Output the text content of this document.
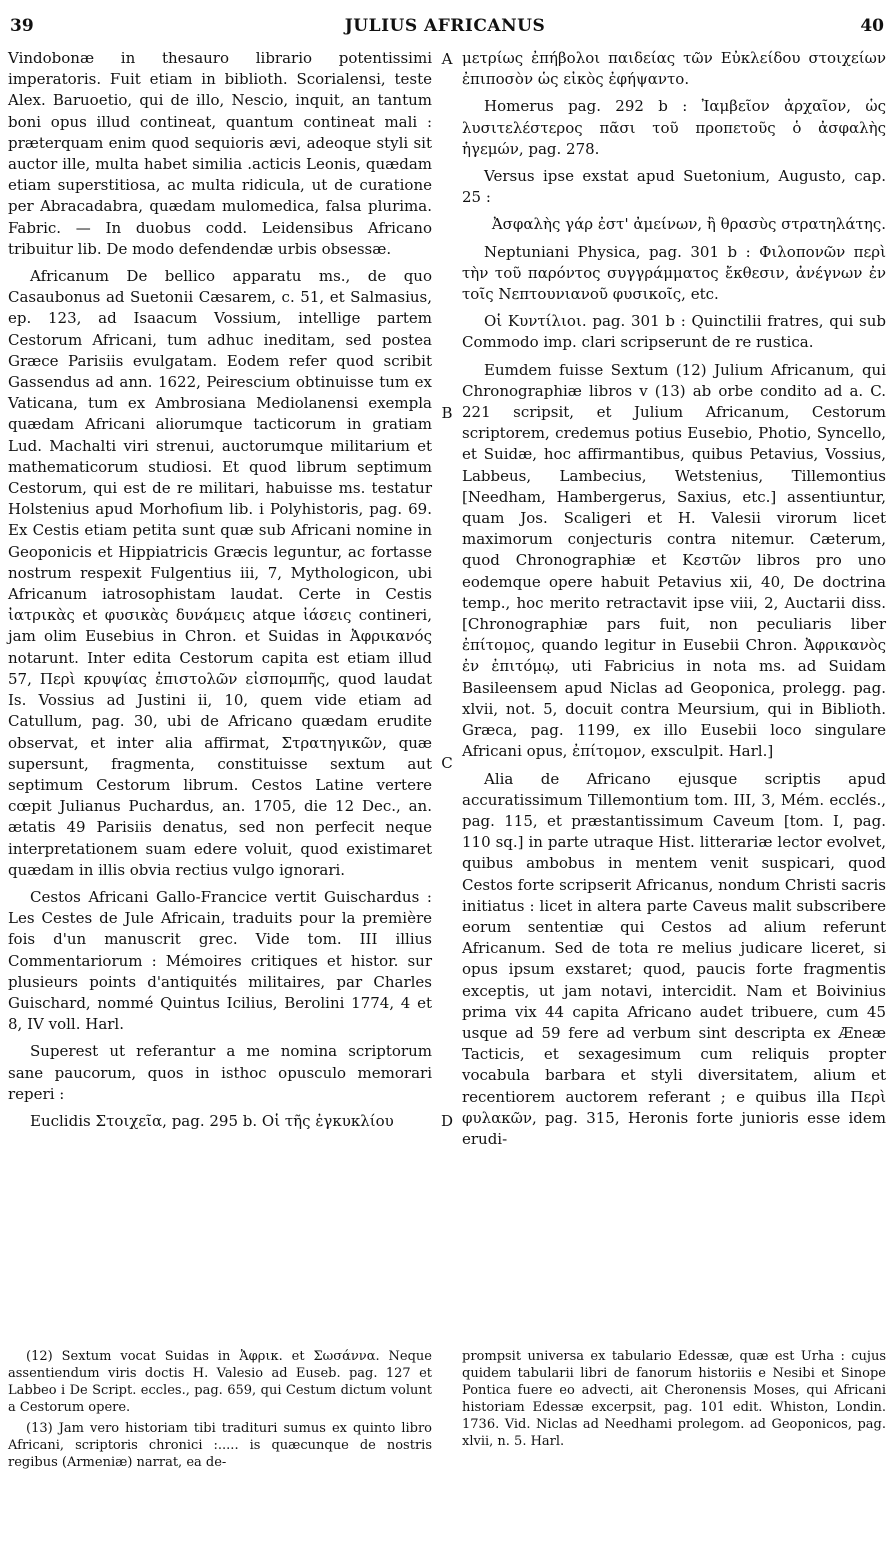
39	JULIUS AFRICANUS	40

Vindobonæ in thesauro librario potentissimi imperatoris. Fuit etiam in biblioth. Scorialensi, teste Alex. Baruoetio, qui de illo, Nescio, inquit, an tantum boni opus illud contineat, quantum contineat mali : præterquam enim quod sequioris ævi, adeoque styli sit auctor ille, multa habet similia .acticis Leonis, quædam etiam superstitiosa, ac multa ridicula, ut de curatione per Abracadabra, quædam mulomedica, falsa plurima. Fabric. — In duobus codd. Leidensibus Africano tribuitur lib. De modo defendendæ urbis obsessæ.

Africanum De bellico apparatu ms., de quo Casaubonus ad Suetonii Cæsarem, c. 51, et Salmasius, ep. 123, ad Isaacum Vossium, intellige partem Cestorum Africani, tum adhuc ineditam, sed postea Græce Parisiis evulgatam. Eodem refer quod scribit Gassendus ad ann. 1622, Peirescium obtinuisse tum ex Vaticana, tum ex Ambrosiana Mediolanensi exempla quædam Africani aliorumque tacticorum in gratiam Lud. Machalti viri strenui, auctorumque militarium et mathematicorum studiosi. Et quod librum septimum Cestorum, qui est de re militari, habuisse ms. testatur Holstenius apud Morhofium lib. i Polyhistoris, pag. 69. Ex Cestis etiam petita sunt quæ sub Africani nomine in Geoponicis et Hippiatricis Græcis leguntur, ac fortasse nostrum respexit Fulgentius iii, 7, Mythologicon, ubi Africanum iatrosophistam laudat. Certe in Cestis ἰατρικὰς et φυσικὰς δυνάμεις atque ἰάσεις contineri, jam olim Eusebius in Chron. et Suidas in Ἀφρικανός notarunt. Inter edita Cestorum capita est etiam illud 57, Περὶ κρυψίας ἐπιστολῶν εἰσπομπῆς, quod laudat Is. Vossius ad Justini ii, 10, quem vide etiam ad Catullum, pag. 30, ubi de Africano quædam erudite observat, et inter alia affirmat, Στρατηγικῶν, quæ supersunt, fragmenta, constituisse sextum aut septimum Cestorum librum. Cestos Latine vertere cœpit Julianus Puchardus, an. 1705, die 12 Dec., an. ætatis 49 Parisiis denatus, sed non perfecit neque interpretationem suam edere voluit, quod existimaret quædam in illis obvia rectius vulgo ignorari.

Cestos Africani Gallo-Francice vertit Guischardus : Les Cestes de Jule Africain, traduits pour la première fois d'un manuscrit grec. Vide tom. III illius Commentariorum : Mémoires critiques et histor. sur plusieurs points d'antiquités militaires, par Charles Guischard, nommé Quintus Icilius, Berolini 1774, 4 et 8, IV voll. Harl.

Superest ut referantur a me nomina scriptorum sane paucorum, quos in isthoc opusculo memorari reperi :

Euclidis Στοιχεῖα, pag. 295 b. Οἱ τῆς ἐγκυκλίου

A
B
C
D

μετρίως ἐπήβολοι παιδείας τῶν Εὐκλείδου στοιχείων ἐπιποσὸν ὡς εἰκὸς ἐφήψαντο.

Homerus pag. 292 b : Ἰαμβεῖον ἀρχαῖον, ὡς λυσιτελέστερος πᾶσι τοῦ προπετοῦς ὁ ἀσφαλὴς ἡγεμών, pag. 278.

Versus ipse exstat apud Suetonium, Augusto, cap. 25 :

Ἀσφαλὴς γάρ ἐστ' ἀμείνων, ἢ θρασὺς στρατηλάτης.

Neptuniani Physica, pag. 301 b : Φιλοπονῶν περὶ τὴν τοῦ παρόντος συγγράμματος ἔκθεσιν, ἀνέγνων ἐν τοῖς Νεπτουνιανοῦ φυσικοῖς, etc.

Οἱ Κυντίλιοι. pag. 301 b : Quinctilii fratres, qui sub Commodo imp. clari scripserunt de re rustica.

Eumdem fuisse Sextum (12) Julium Africanum, qui Chronographiæ libros v (13) ab orbe condito ad a. C. 221 scripsit, et Julium Africanum, Cestorum scriptorem, credemus potius Eusebio, Photio, Syncello, et Suidæ, hoc affirmantibus, quibus Petavius, Vossius, Labbeus, Lambecius, Wetstenius, Tillemontius [Needham, Hambergerus, Saxius, etc.] assentiuntur, quam Jos. Scaligeri et H. Valesii virorum licet maximorum conjecturis contra nitemur. Cæterum, quod Chronographiæ et Κεστῶν libros pro uno eodemque opere habuit Petavius xii, 40, De doctrina temp., hoc merito retractavit ipse viii, 2, Auctarii diss. [Chronographiæ pars fuit, non peculiaris liber ἐπίτομος, quando legitur in Eusebii Chron. Ἀφρικανὸς ἐν ἐπιτόμῳ, uti Fabricius in nota ms. ad Suidam Basileensem apud Niclas ad Geoponica, prolegg. pag. xlvii, not. 5, docuit contra Meursium, qui in Biblioth. Græca, pag. 1199, ex illo Eusebii loco singulare Africani opus, ἐπίτομον, exsculpit. Harl.]

Alia de Africano ejusque scriptis apud accuratissimum Tillemontium tom. III, 3, Mém. ecclés., pag. 115, et præstantissimum Caveum [tom. I, pag. 110 sq.] in parte utraque Hist. litterariæ lector evolvet, quibus ambobus in mentem venit suspicari, quod Cestos forte scripserit Africanus, nondum Christi sacris initiatus : licet in altera parte Caveus malit subscribere eorum sententiæ qui Cestos ad alium referunt Africanum. Sed de tota re melius judicare liceret, si opus ipsum exstaret; quod, paucis forte fragmentis exceptis, ut jam notavi, intercidit. Nam et Boivinius prima vix 44 capita Africano audet tribuere, cum 45 usque ad 59 fere ad verbum sint descripta ex Æneæ Tacticis, et sexagesimum cum reliquis propter vocabula barbara et styli diversitatem, alium et recentiorem auctorem referant ; e quibus illa Περὶ φυλακῶν, pag. 315, Heronis forte junioris esse idem erudi-

(12) Sextum vocat Suidas in Ἀφρικ. et Σωσάννα. Neque assentiendum viris doctis H. Valesio ad Euseb. pag. 127 et Labbeo i De Script. eccles., pag. 659, qui Cestum dictum volunt a Cestorum opere.

(13) Jam vero historiam tibi tradituri sumus ex quinto libro Africani, scriptoris chronici :..... is quæcunque de nostris regibus (Armeniæ) narrat, ea de-

prompsit universa ex tabulario Edessæ, quæ est Urha : cujus quidem tabularii libri de fanorum historiis e Nesibi et Sinope Pontica fuere eo advecti, ait Cheronensis Moses, qui Africani historiam Edessæ excerpsit, pag. 101 edit. Whiston, Londin. 1736. Vid. Niclas ad Needhami prolegom. ad Geoponicos, pag. xlvii, n. 5. Harl.
